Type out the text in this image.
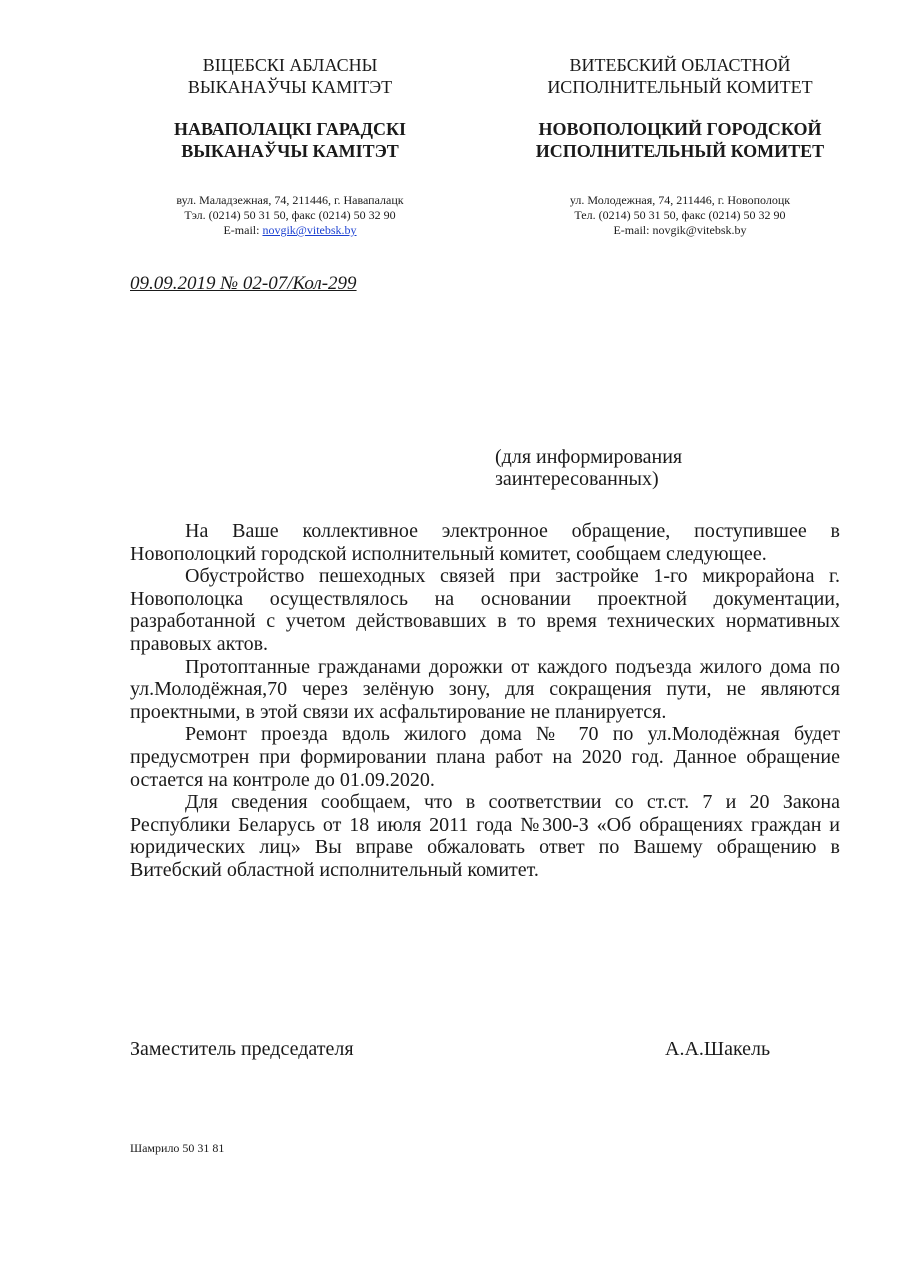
ВІЦЕБСКІ АБЛАСНЫ
ВЫКАНАЎЧЫ КАМІТЭТ
НАВАПОЛАЦКІ ГАРАДСКІ
ВЫКАНАЎЧЫ КАМІТЭТ
вул. Маладзежная, 74, 211446, г. Навапалацк
Тэл. (0214) 50 31 50, факс (0214) 50 32 90
E-mail: novgik@vitebsk.by
ВИТЕБСКИЙ ОБЛАСТНОЙ
ИСПОЛНИТЕЛЬНЫЙ КОМИТЕТ
НОВОПОЛОЦКИЙ ГОРОДСКОЙ
ИСПОЛНИТЕЛЬНЫЙ КОМИТЕТ
ул. Молодежная, 74, 211446, г. Новополоцк
Тел. (0214) 50 31 50, факс (0214) 50 32 90
E-mail: novgik@vitebsk.by
09.09.2019 № 02-07/Кол-299
(для информирования
заинтересованных)

На Ваше коллективное электронное обращение, поступившее в Новополоцкий городской исполнительный комитет, сообщаем следующее.

Обустройство пешеходных связей при застройке 1-го микрорайона г. Новополоцка осуществлялось на основании проектной документации, разработанной с учетом действовавших в то время технических нормативных правовых актов.

Протоптанные гражданами дорожки от каждого подъезда жилого дома по ул.Молодёжная,70 через зелёную зону, для сокращения пути, не являются проектными, в этой связи их асфальтирование не планируется.

Ремонт проезда вдоль жилого дома № 70 по ул.Молодёжная будет предусмотрен при формировании плана работ на 2020 год. Данное обращение остается на контроле до 01.09.2020.

Для сведения сообщаем, что в соответствии со ст.ст. 7 и 20 Закона Республики Беларусь от 18 июля 2011 года №300-З «Об обращениях граждан и юридических лиц» Вы вправе обжаловать ответ по Вашему обращению в Витебский областной исполнительный комитет.

Заместитель председателя	А.А.Шакель
Шамрило 50 31 81
